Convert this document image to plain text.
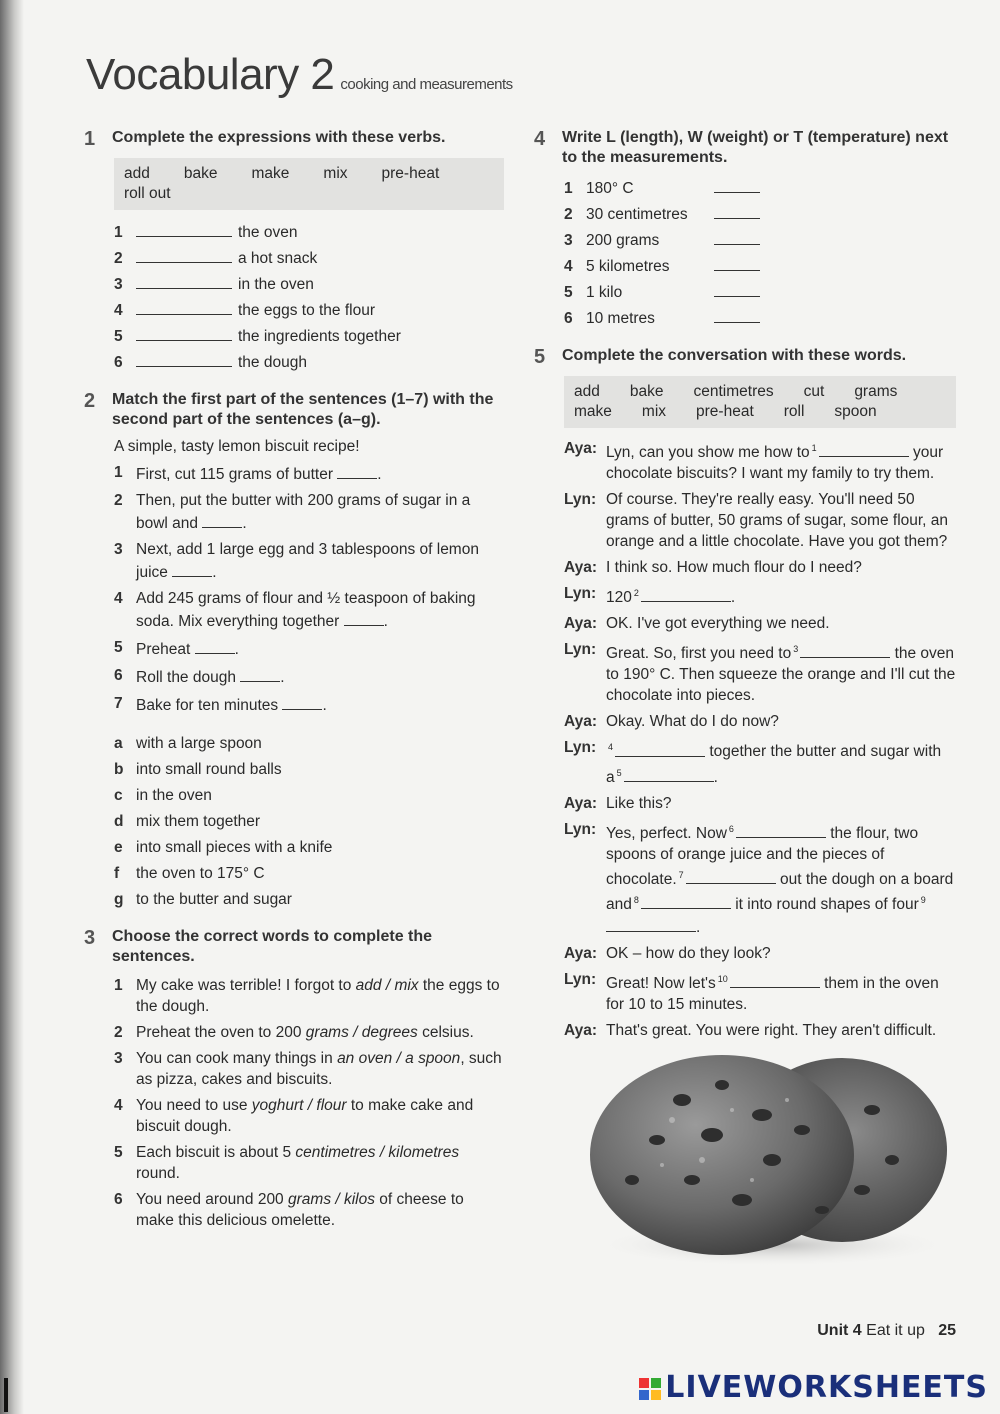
Vocabulary 2 cooking and measurements
1	Complete the expressions with these verbs.
add bake make mix pre-heat
roll out
1	the oven
2	a hot snack
3	in the oven
4	the eggs to the flour
5	the ingredients together
6	the dough
2	Match the first part of the sentences (1–7) with the second part of the sentences (a–g).
A simple, tasty lemon biscuit recipe!
1 First, cut 115 grams of butter	.
2 Then, put the butter with 200 grams of sugar in a bowl and	.
3 Next, add 1 large egg and 3 tablespoons of lemon juice	.
4 Add 245 grams of flour and ½ teaspoon of baking soda. Mix everything together	.
5 Preheat	.
6 Roll the dough	.
7 Bake for ten minutes	.
a with a large spoon
b into small round balls
c in the oven
d mix them together
e into small pieces with a knife
f	the oven to 175° C
g to the butter and sugar
3	Choose the correct words to complete the sentences.
1 My cake was terrible! I forgot to add / mix the eggs to the dough.
2 Preheat the oven to 200 grams / degrees celsius.
3 You can cook many things in an oven / a spoon, such as pizza, cakes and biscuits.
4 You need to use yoghurt / flour to make cake and biscuit dough.
5 Each biscuit is about 5 centimetres / kilometres round.
6 You need around 200 grams / kilos of cheese to make this delicious omelette.
4	Write L (length), W (weight) or T (temperature) next to the measurements.
1 180° C
2 30 centimetres
3 200 grams
4 5 kilometres
5 1 kilo
6 10 metres
5	Complete the conversation with these words.
add bake centimetres cut grams
make mix pre-heat roll spoon
Aya: Lyn, can you show me how to $^1$	your chocolate biscuits? I want my family to try them.
Lyn: Of course. They're really easy. You'll need 50 grams of butter, 50 grams of sugar, some flour, an orange and a little chocolate. Have you got them?
Aya: I think so. How much flour do I need?
Lyn: 120 $^2$	.
Aya: OK. I've got everything we need.
Lyn: Great. So, first you need to $^3$	the oven to 190° C. Then squeeze the orange and I'll cut the chocolate into pieces.
Aya: Okay. What do I do now?
Lyn:	$^4$	together the butter and sugar with a $^5$	.
Aya: Like this?
Lyn: Yes, perfect. Now $^6$	the flour, two spoons of orange juice and the pieces of chocolate. $^7$	out the dough on a board and $^8$	it into round shapes of four $^9$.
Aya: OK – how do they look?
Lyn: Great! Now let's $^{10}$	them in the oven for 10 to 15 minutes.
Aya: That's great. You were right. They aren't difficult.
Unit 4 Eat it up 25
LIVEWORKSHEETS
